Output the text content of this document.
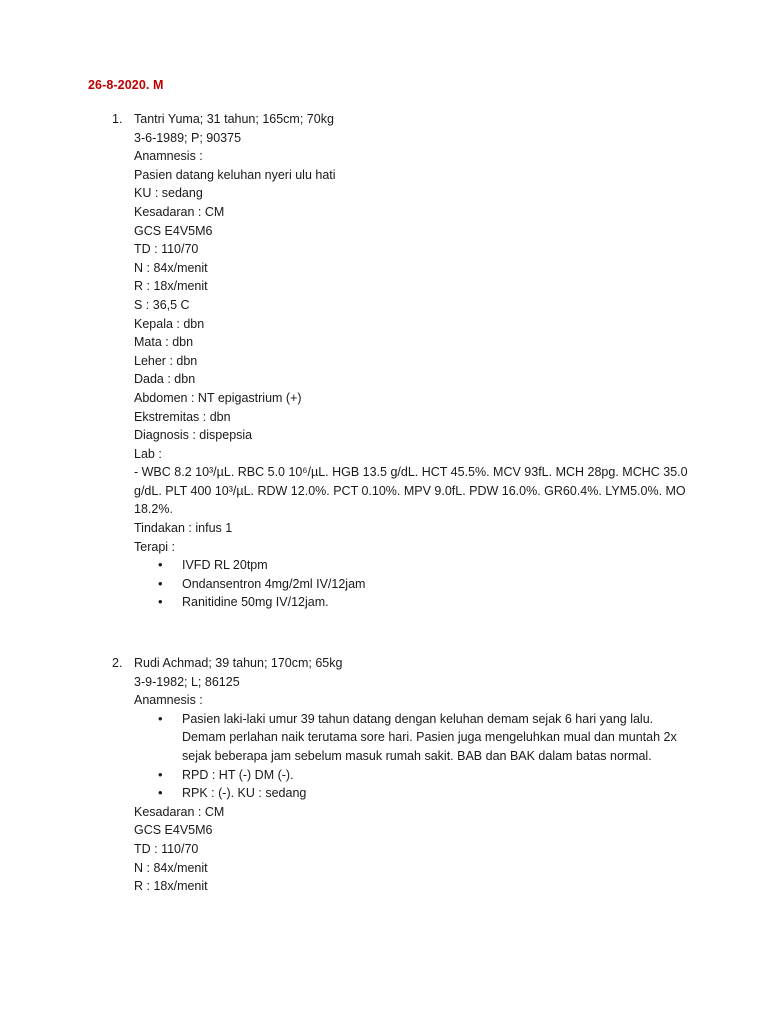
26-8-2020. M
1. Tantri Yuma; 31 tahun; 165cm; 70kg
3-6-1989; P; 90375
Anamnesis :
Pasien datang keluhan nyeri ulu hati
KU : sedang
Kesadaran : CM
GCS E4V5M6
TD : 110/70
N : 84x/menit
R : 18x/menit
S : 36,5 C
Kepala : dbn
Mata : dbn
Leher : dbn
Dada : dbn
Abdomen : NT epigastrium (+)
Ekstremitas : dbn
Diagnosis : dispepsia
Lab :
- WBC 8.2 10³/µL. RBC 5.0 10⁶/µL. HGB 13.5 g/dL. HCT 45.5%. MCV 93fL. MCH 28pg. MCHC 35.0 g/dL. PLT 400 10³/µL. RDW 12.0%. PCT 0.10%. MPV 9.0fL. PDW 16.0%. GR60.4%. LYM5.0%. MO 18.2%.
Tindakan : infus 1
Terapi :
• IVFD RL 20tpm
• Ondansentron 4mg/2ml IV/12jam
• Ranitidine 50mg IV/12jam.
2. Rudi Achmad; 39 tahun; 170cm; 65kg
3-9-1982; L; 86125
Anamnesis :
• Pasien laki-laki umur 39 tahun datang dengan keluhan demam sejak 6 hari yang lalu. Demam perlahan naik terutama sore hari. Pasien juga mengeluhkan mual dan muntah 2x sejak beberapa jam sebelum masuk rumah sakit. BAB dan BAK dalam batas normal.
• RPD : HT (-) DM (-).
• RPK : (-). KU : sedang
Kesadaran : CM
GCS E4V5M6
TD : 110/70
N : 84x/menit
R : 18x/menit
